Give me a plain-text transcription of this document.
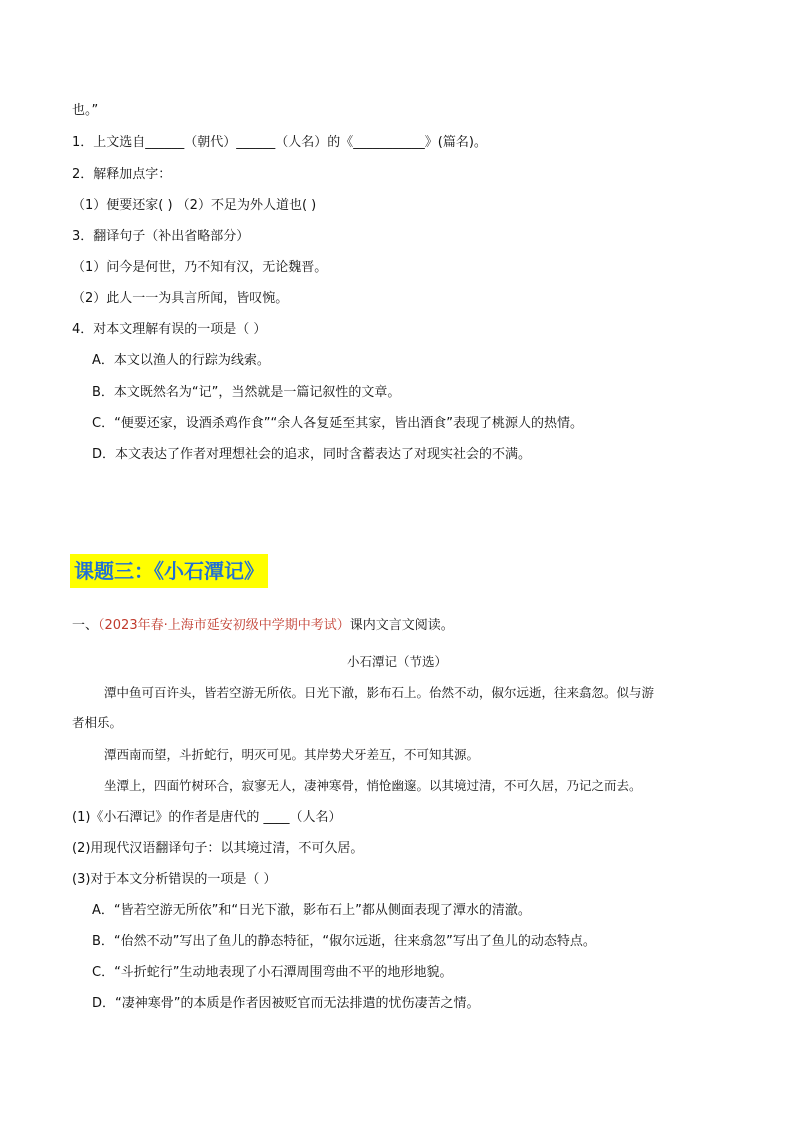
也。”

1．上文选自______（朝代）______（人名）的《___________》(篇名)。

2．解释加点字：

（1）便要还家( ) （2）不足为外人道也( )

3．翻译句子（补出省略部分）

（1）问今是何世，乃不知有汉，无论魏晋。

（2）此人一一为具言所闻，皆叹惋。

4．对本文理解有误的一项是（ ）

A．本文以渔人的行踪为线索。

B．本文既然名为“记”，当然就是一篇记叙性的文章。

C．“便要还家，设酒杀鸡作食”“余人各复延至其家，皆出酒食”表现了桃源人的热情。

D．本文表达了作者对理想社会的追求，同时含蓄表达了对现实社会的不满。

课题三：《小石潭记》

一、（2023年春·上海市延安初级中学期中考试）课内文言文阅读。

小石潭记（节选）

潭中鱼可百许头，皆若空游无所依。日光下澈，影布石上。佁然不动，俶尔远逝，往来翕忽。似与游

者相乐。

潭西南而望，斗折蛇行，明灭可见。其岸势犬牙差互，不可知其源。

坐潭上，四面竹树环合，寂寥无人，凄神寒骨，悄怆幽邃。以其境过清，不可久居，乃记之而去。

(1)《小石潭记》的作者是唐代的 ____（人名）

(2)用现代汉语翻译句子：以其境过清，不可久居。

(3)对于本文分析错误的一项是（ ）

A．“皆若空游无所依”和“日光下澈，影布石上”都从侧面表现了潭水的清澈。

B．“佁然不动”写出了鱼儿的静态特征，“俶尔远逝，往来翕忽”写出了鱼儿的动态特点。

C．“斗折蛇行”生动地表现了小石潭周围弯曲不平的地形地貌。

D．“凄神寒骨”的本质是作者因被贬官而无法排遣的忧伤凄苦之情。
